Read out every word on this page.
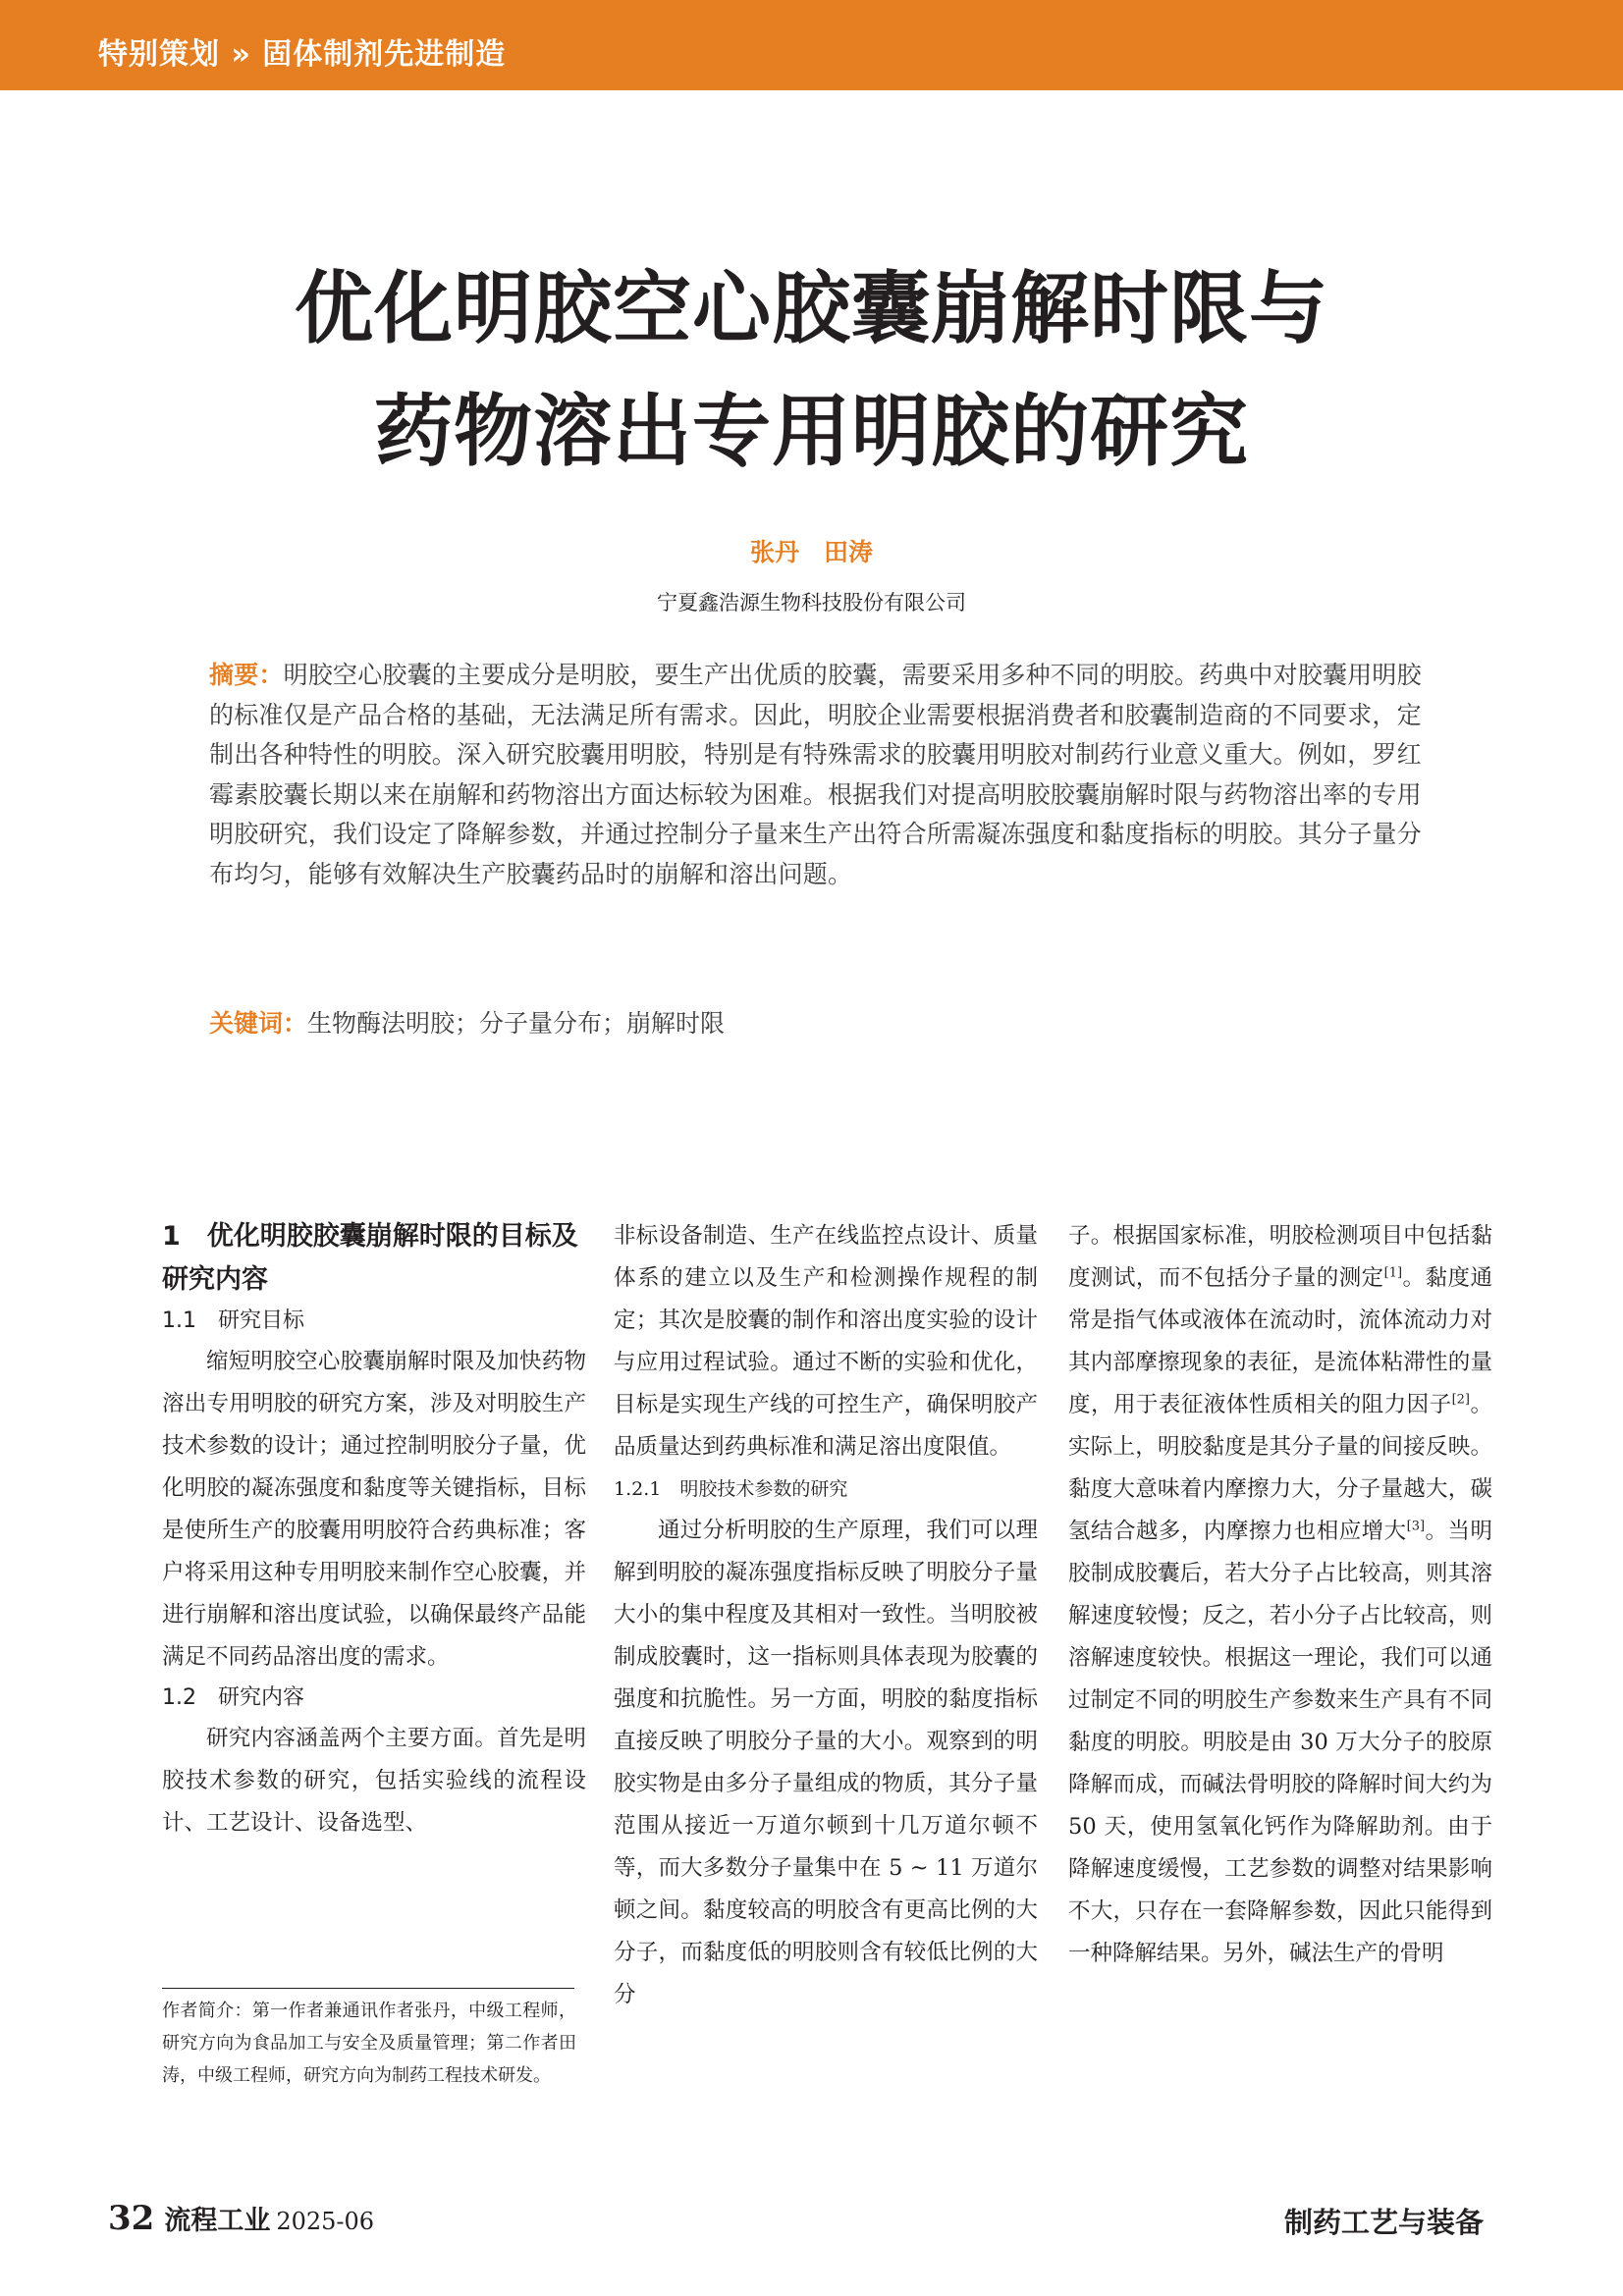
特别策划 » 固体制剂先进制造
优化明胶空心胶囊崩解时限与
药物溶出专用明胶的研究
张丹　田涛
宁夏鑫浩源生物科技股份有限公司
摘要：明胶空心胶囊的主要成分是明胶，要生产出优质的胶囊，需要采用多种不同的明胶。药典中对胶囊用明胶的标准仅是产品合格的基础，无法满足所有需求。因此，明胶企业需要根据消费者和胶囊制造商的不同要求，定制出各种特性的明胶。深入研究胶囊用明胶，特别是有特殊需求的胶囊用明胶对制药行业意义重大。例如，罗红霉素胶囊长期以来在崩解和药物溶出方面达标较为困难。根据我们对提高明胶胶囊崩解时限与药物溶出率的专用明胶研究，我们设定了降解参数，并通过控制分子量来生产出符合所需凝冻强度和黏度指标的明胶。其分子量分布均匀，能够有效解决生产胶囊药品时的崩解和溶出问题。
关键词：生物酶法明胶；分子量分布；崩解时限

1　优化明胶胶囊崩解时限的目标及研究内容

1.1　研究目标

缩短明胶空心胶囊崩解时限及加快药物溶出专用明胶的研究方案，涉及对明胶生产技术参数的设计；通过控制明胶分子量，优化明胶的凝冻强度和黏度等关键指标，目标是使所生产的胶囊用明胶符合药典标准；客户将采用这种专用明胶来制作空心胶囊，并进行崩解和溶出度试验，以确保最终产品能满足不同药品溶出度的需求。

1.2　研究内容

研究内容涵盖两个主要方面。首先是明胶技术参数的研究，包括实验线的流程设计、工艺设计、设备选型、

非标设备制造、生产在线监控点设计、质量体系的建立以及生产和检测操作规程的制定；其次是胶囊的制作和溶出度实验的设计与应用过程试验。通过不断的实验和优化，目标是实现生产线的可控生产，确保明胶产品质量达到药典标准和满足溶出度限值。

1.2.1　明胶技术参数的研究

通过分析明胶的生产原理，我们可以理解到明胶的凝冻强度指标反映了明胶分子量大小的集中程度及其相对一致性。当明胶被制成胶囊时，这一指标则具体表现为胶囊的强度和抗脆性。另一方面，明胶的黏度指标直接反映了明胶分子量的大小。观察到的明胶实物是由多分子量组成的物质，其分子量范围从接近一万道尔顿到十几万道尔顿不等，而大多数分子量集中在 5 ~ 11 万道尔顿之间。黏度较高的明胶含有更高比例的大分子，而黏度低的明胶则含有较低比例的大分

子。根据国家标准，明胶检测项目中包括黏度测试，而不包括分子量的测定[1]。黏度通常是指气体或液体在流动时，流体流动力对其内部摩擦现象的表征，是流体粘滞性的量度，用于表征液体性质相关的阻力因子[2]。实际上，明胶黏度是其分子量的间接反映。黏度大意味着内摩擦力大，分子量越大，碳氢结合越多，内摩擦力也相应增大[3]。当明胶制成胶囊后，若大分子占比较高，则其溶解速度较慢；反之，若小分子占比较高，则溶解速度较快。根据这一理论，我们可以通过制定不同的明胶生产参数来生产具有不同黏度的明胶。明胶是由 30 万大分子的胶原降解而成，而碱法骨明胶的降解时间大约为 50 天，使用氢氧化钙作为降解助剂。由于降解速度缓慢，工艺参数的调整对结果影响不大，只存在一套降解参数，因此只能得到一种降解结果。另外，碱法生产的骨明

作者简介：第一作者兼通讯作者张丹，中级工程师，研究方向为食品加工与安全及质量管理；第二作者田涛，中级工程师，研究方向为制药工程技术研发。
32 流程工业 2025-06	制药工艺与装备
